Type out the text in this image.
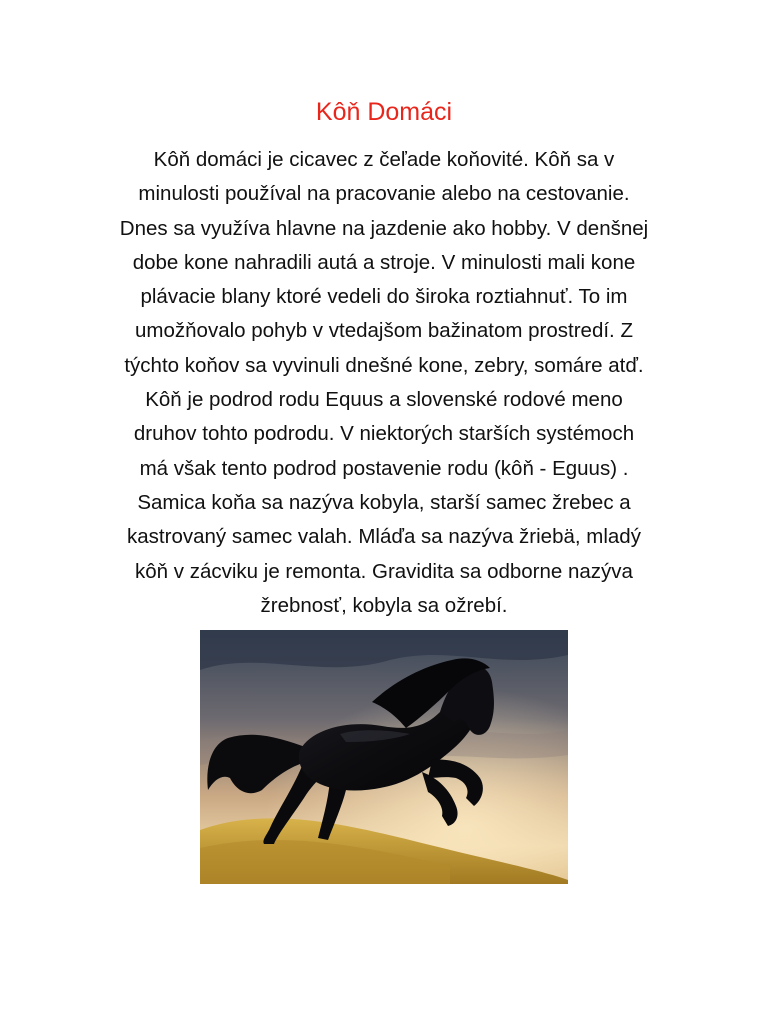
Kôň Domáci
Kôň domáci je cicavec z čeľade koňovité. Kôň sa v
minulosti používal na pracovanie alebo na cestovanie.
Dnes sa využíva hlavne na jazdenie ako hobby. V denšnej
dobe kone nahradili autá a stroje. V minulosti mali kone
plávacie blany ktoré vedeli do široka roztiahnuť. To im
umožňovalo pohyb v vtedajšom bažinatom prostredí. Z
týchto koňov sa vyvinuli dnešné kone, zebry, somáre atď.
Kôň je podrod rodu Equus a slovenské rodové meno
druhov tohto podrodu. V niektorých starších systémoch
má však tento podrod postavenie rodu (kôň - Eguus) .
Samica koňa sa nazýva kobyla, starší samec žrebec a
kastrovaný samec valah. Mláďa sa nazýva žriebä, mladý
kôň v zácviku je remonta. Gravidita sa odborne nazýva
žrebnosť, kobyla sa ožrebí.
